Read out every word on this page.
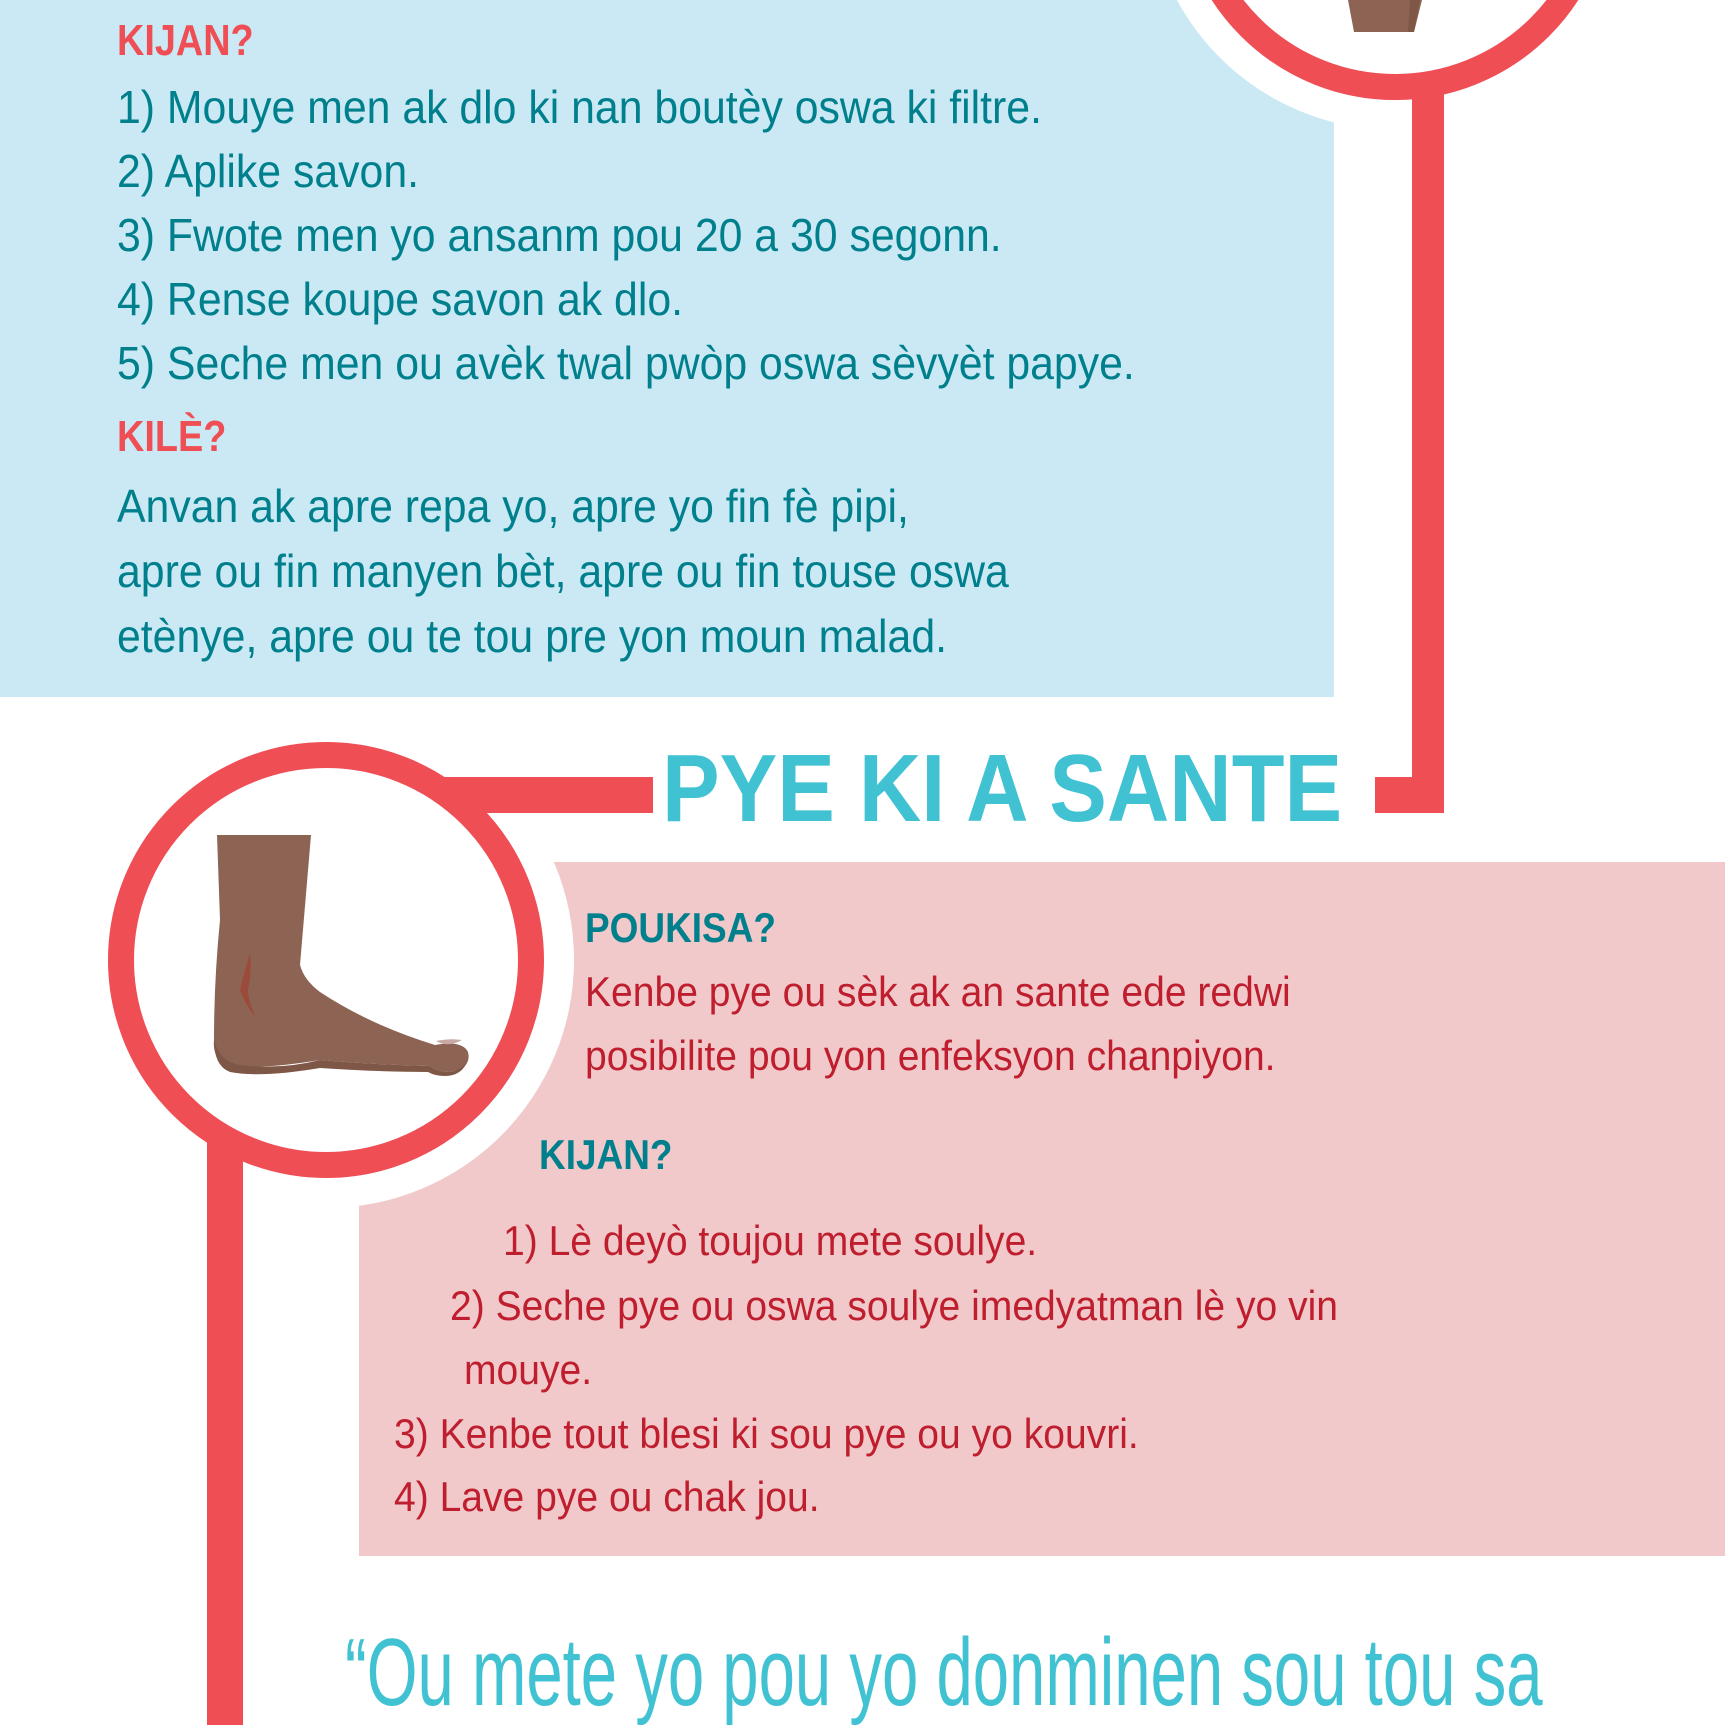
KIJAN?
1) Mouye men ak dlo ki nan boutèy oswa ki filtre.
2) Aplike savon.
3) Fwote men yo ansanm pou 20 a 30 segonn.
4) Rense koupe savon ak dlo.
5) Seche men ou avèk twal pwòp oswa sèvyèt papye.
KILÈ?
Anvan ak apre repa yo, apre yo fin fè pipi,
apre ou fin manyen bèt, apre ou fin touse oswa
etènye, apre ou te tou pre yon moun malad.
PYE KI A SANTE
POUKISA?
Kenbe pye ou sèk ak an sante ede redwi
posibilite pou yon enfeksyon chanpiyon.
KIJAN?
1) Lè deyò toujou mete soulye.
2) Seche pye ou oswa soulye imedyatman lè yo vin
mouye.
3) Kenbe tout blesi ki sou pye ou yo kouvri.
4) Lave pye ou chak jou.
“Ou mete yo pou yo donminen sou tou sa
